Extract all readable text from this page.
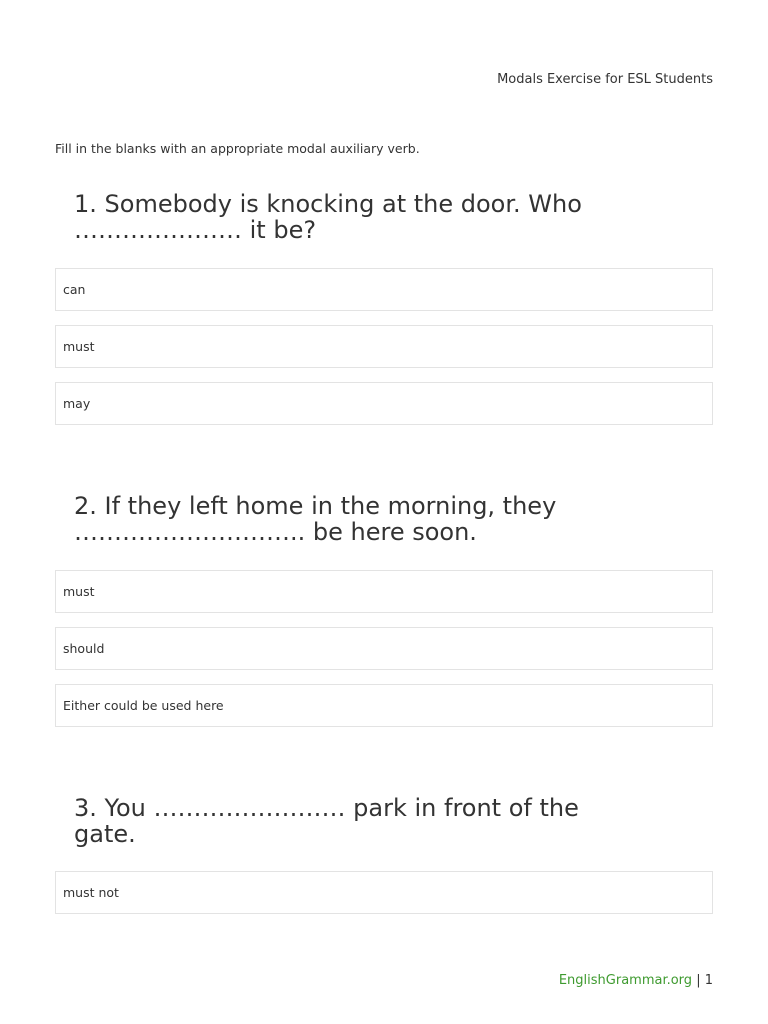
Modals Exercise for ESL Students
Fill in the blanks with an appropriate modal auxiliary verb.
1. Somebody is knocking at the door. Who ………………… it be?
can
must
may
2. If they left home in the morning, they ……………………….. be here soon.
must
should
Either could be used here
3. You …………………… park in front of the gate.
must not
EnglishGrammar.org | 1
